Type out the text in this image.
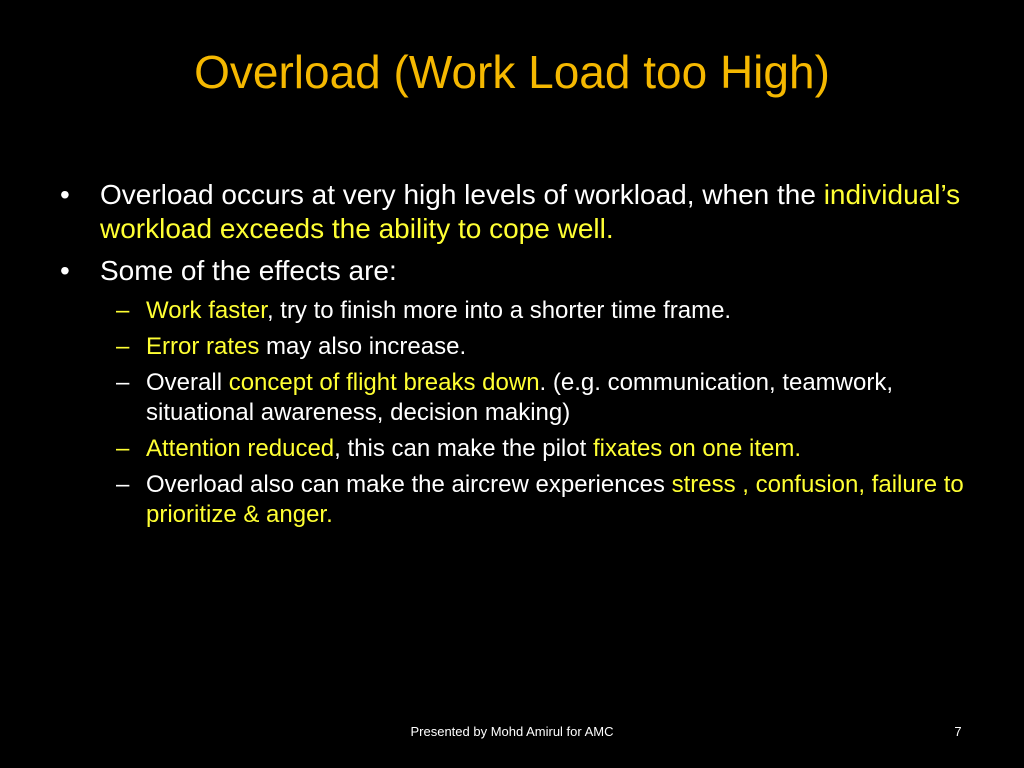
Overload (Work Load too High)
• Overload occurs at very high levels of workload, when the individual’s workload exceeds the ability to cope well.
• Some of the effects are:
– Work faster, try to finish more into a shorter time frame.
– Error rates may also increase.
– Overall concept of flight breaks down. (e.g. communication, teamwork, situational awareness, decision making)
– Attention reduced, this can make the pilot fixates on one item.
– Overload also can make the aircrew experiences stress , confusion, failure to prioritize & anger.
Presented by Mohd Amirul for AMC	7
